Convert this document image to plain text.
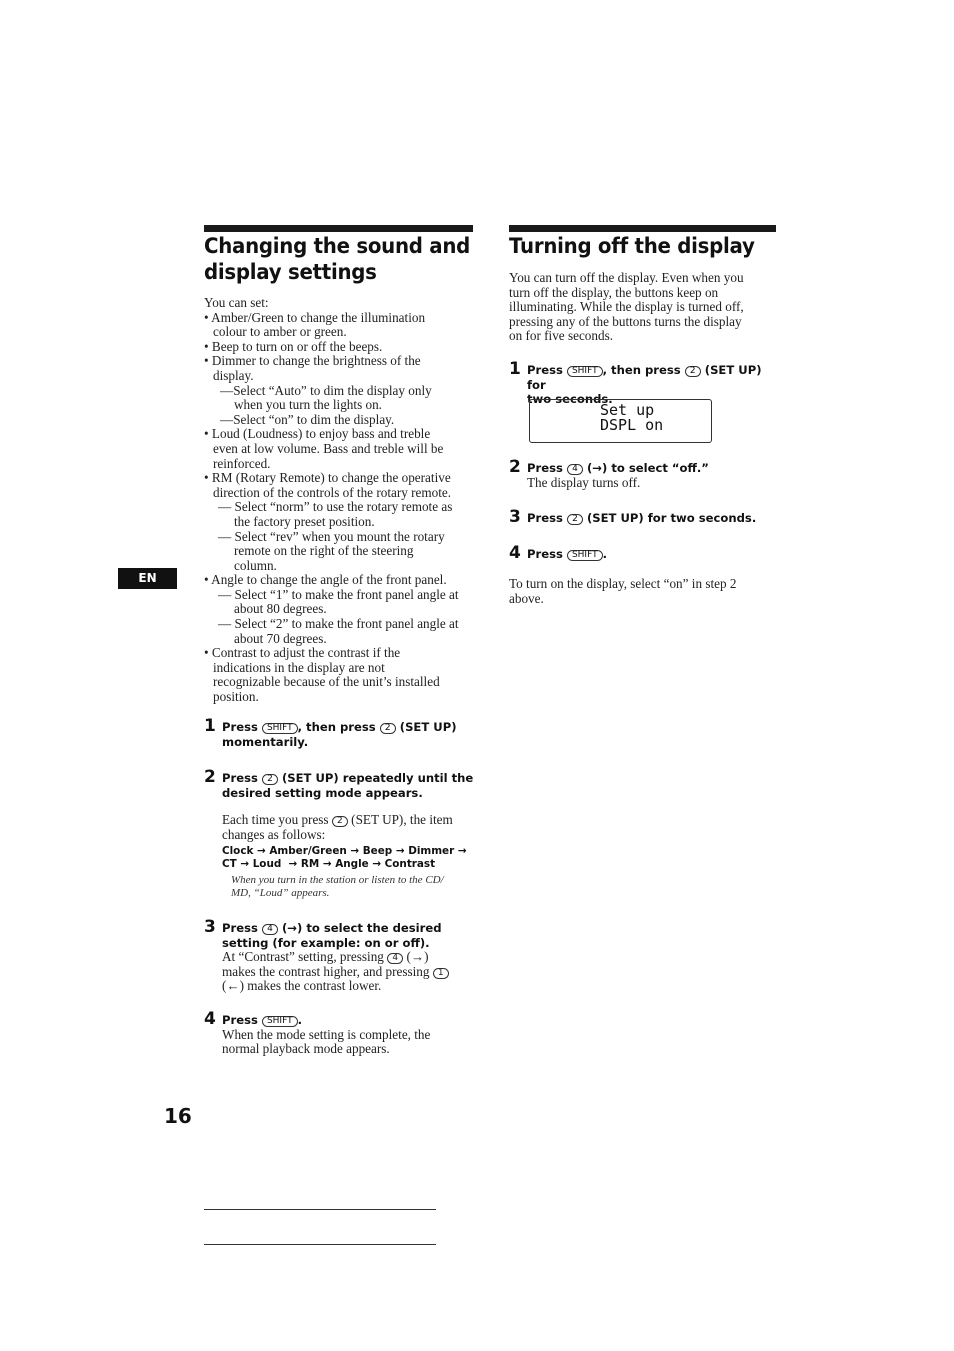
EN
Changing the sound and
display settings
You can set:
• Amber/Green to change the illumination
colour to amber or green.
• Beep to turn on or off the beeps.
• Dimmer to change the brightness of the
display.
—Select “Auto” to dim the display only
when you turn the lights on.
—Select “on” to dim the display.
• Loud (Loudness) to enjoy bass and treble
even at low volume. Bass and treble will be
reinforced.
• RM (Rotary Remote) to change the operative
direction of the controls of the rotary remote.
— Select “norm” to use the rotary remote as
the factory preset position.
— Select “rev” when you mount the rotary
remote on the right of the steering
column.
• Angle to change the angle of the front panel.
— Select “1” to make the front panel angle at
about 80 degrees.
— Select “2” to make the front panel angle at
about 70 degrees.
• Contrast to adjust the contrast if the
indications in the display are not
recognizable because of the unit’s installed
position.
1 Press SHIFT , then press 2 (SET UP)
momentarily.
2 Press 2 (SET UP) repeatedly until the
desired setting mode appears.
Each time you press 2 (SET UP), the item
changes as follows:
Clock → Amber/Green → Beep → Dimmer →
CT → Loud → RM → Angle → Contrast
When you turn in the station or listen to the CD/
MD, “Loud” appears.
3 Press 4 (→) to select the desired
setting (for example: on or off).
At “Contrast” setting, pressing 4 (→)
makes the contrast higher, and pressing 1
(←) makes the contrast lower.
4 Press SHIFT .
When the mode setting is complete, the
normal playback mode appears.
16
Turning off the display
You can turn off the display. Even when you
turn off the display, the buttons keep on
illuminating. While the display is turned off,
pressing any of the buttons turns the display
on for five seconds.
1 Press SHIFT , then press 2 (SET UP) for
two seconds.
Set up
DSPL on
2 Press 4 (→) to select “off.”
The display turns off.
3 Press 2 (SET UP) for two seconds.
4 Press SHIFT .
To turn on the display, select “on” in step 2
above.
